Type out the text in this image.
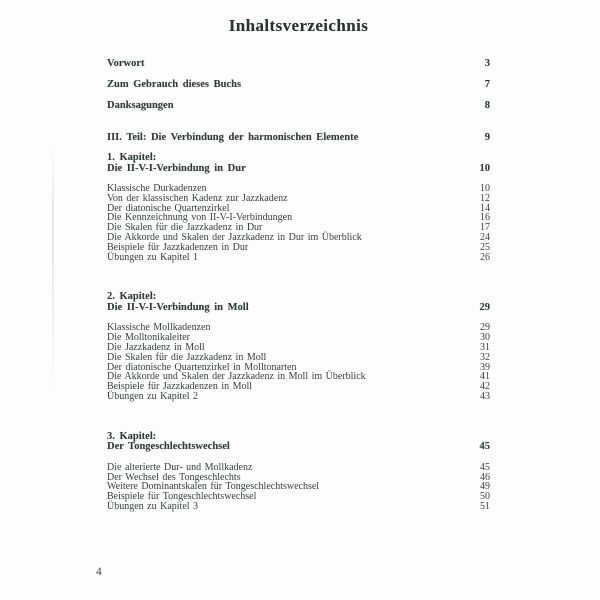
Inhaltsverzeichnis
Vorwort	3
Zum Gebrauch dieses Buchs	7
Danksagungen	8
III. Teil: Die Verbindung der harmonischen Elemente	9
1. Kapitel:
Die II-V-I-Verbindung in Dur	10
Klassische Durkadenzen	10
Von der klassischen Kadenz zur Jazzkadenz	12
Der diatonische Quartenzirkel	14
Die Kennzeichnung von II-V-I-Verbindungen	16
Die Skalen für die Jazzkadenz in Dur	17
Die Akkorde und Skalen der Jazzkadenz in Dur im Überblick	24
Beispiele für Jazzkadenzen in Dur	25
Übungen zu Kapitel 1	26
2. Kapitel:
Die II-V-I-Verbindung in Moll	29
Klassische Mollkadenzen	29
Die Molltonikaleiter	30
Die Jazzkadenz in Moll	31
Die Skalen für die Jazzkadenz in Moll	32
Der diatonische Quartenzirkel in Molltonarten	39
Die Akkorde und Skalen der Jazzkadenz in Moll im Überblick	41
Beispiele für Jazzkadenzen in Moll	42
Übungen zu Kapitel 2	43
3. Kapitel:
Der Tongeschlechtswechsel	45
Die alterierte Dur- und Mollkadenz	45
Der Wechsel des Tongeschlechts	46
Weitere Dominantskalen für Tongeschlechtswechsel	49
Beispiele für Tongeschlechtswechsel	50
Übungen zu Kapitel 3	51
4
